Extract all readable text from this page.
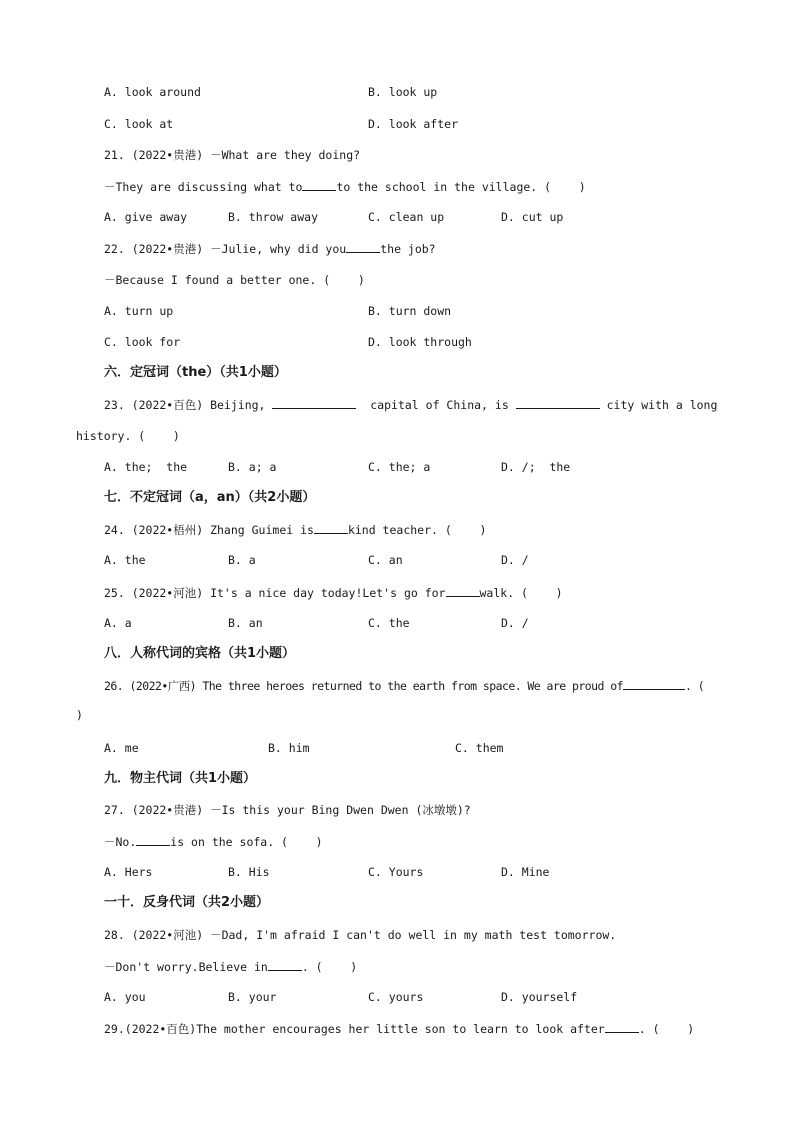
A. look around	B. look up
C. look at	D. look after
21. (2022•贵港) －What are they doing?
－They are discussing what to	to the school in the village. (    )
A. give away	B. throw away	C. clean up	D. cut up
22. (2022•贵港) －Julie, why did you	the job?
－Because I found a better one. (    )
A. turn up	B. turn down
C. look for	D. look through
六．定冠词（the）（共1小题）
23. (2022•百色) Beijing,	capital of China, is	city with a long
history. (    )
A. the;  the	B. a; a	C. the; a	D. /;  the
七．不定冠词（a，an）（共2小题）
24. (2022•梧州) Zhang Guimei is	kind teacher. (    )
A. the	B. a	C. an	D. /
25. (2022•河池) It's a nice day today!Let's go for	walk. (    )
A. a	B. an	C. the	D. /
八．人称代词的宾格（共1小题）
26. (2022•广西) The three heroes returned to the earth from space. We are proud of	. (
)
A. me	B. him	C. them
九．物主代词（共1小题）
27. (2022•贵港) －Is this your Bing Dwen Dwen (冰墩墩)?
－No.	is on the sofa. (    )
A. Hers	B. His	C. Yours	D. Mine
一十．反身代词（共2小题）
28. (2022•河池) －Dad, I'm afraid I can't do well in my math test tomorrow.
－Don't worry.Believe in	. (    )
A. you	B. your	C. yours	D. yourself
29.(2022•百色)The mother encourages her little son to learn to look after	. (    )
